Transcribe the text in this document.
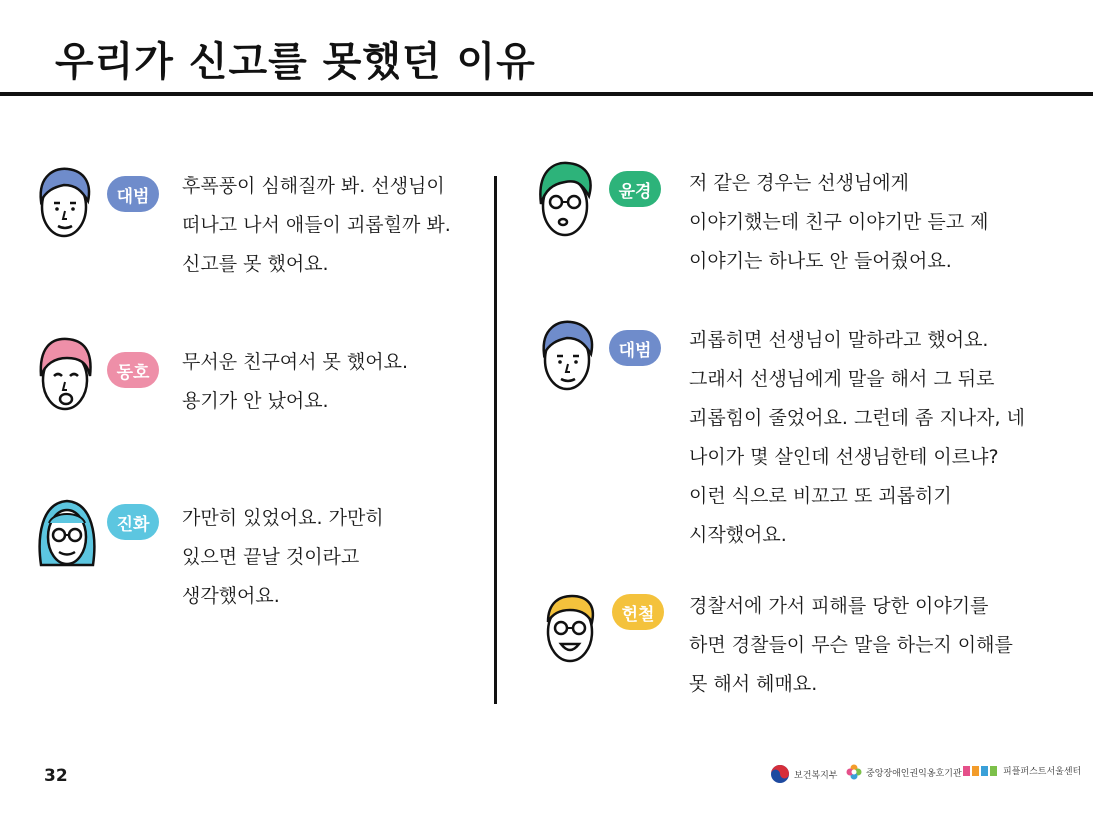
우리가 신고를 못했던 이유
대범	후폭풍이 심해질까 봐. 선생님이
떠나고 나서 애들이 괴롭힐까 봐.
신고를 못 했어요.
동호	무서운 친구여서 못 했어요.
용기가 안 났어요.
진화	가만히 있었어요. 가만히
있으면 끝날 것이라고
생각했어요.
윤경	저 같은 경우는 선생님에게
이야기했는데 친구 이야기만 듣고 제
이야기는 하나도 안 들어줬어요.
대범	괴롭히면 선생님이 말하라고 했어요.
그래서 선생님에게 말을 해서 그 뒤로
괴롭힘이 줄었어요. 그런데 좀 지나자, 네
나이가 몇 살인데 선생님한테 이르냐?
이런 식으로 비꼬고 또 괴롭히기
시작했어요.
헌철	경찰서에 가서 피해를 당한 이야기를
하면 경찰들이 무슨 말을 하는지 이해를
못 해서 헤매요.
32	보건복지부	중앙장애인권익옹호기관	피플퍼스트서울센터
